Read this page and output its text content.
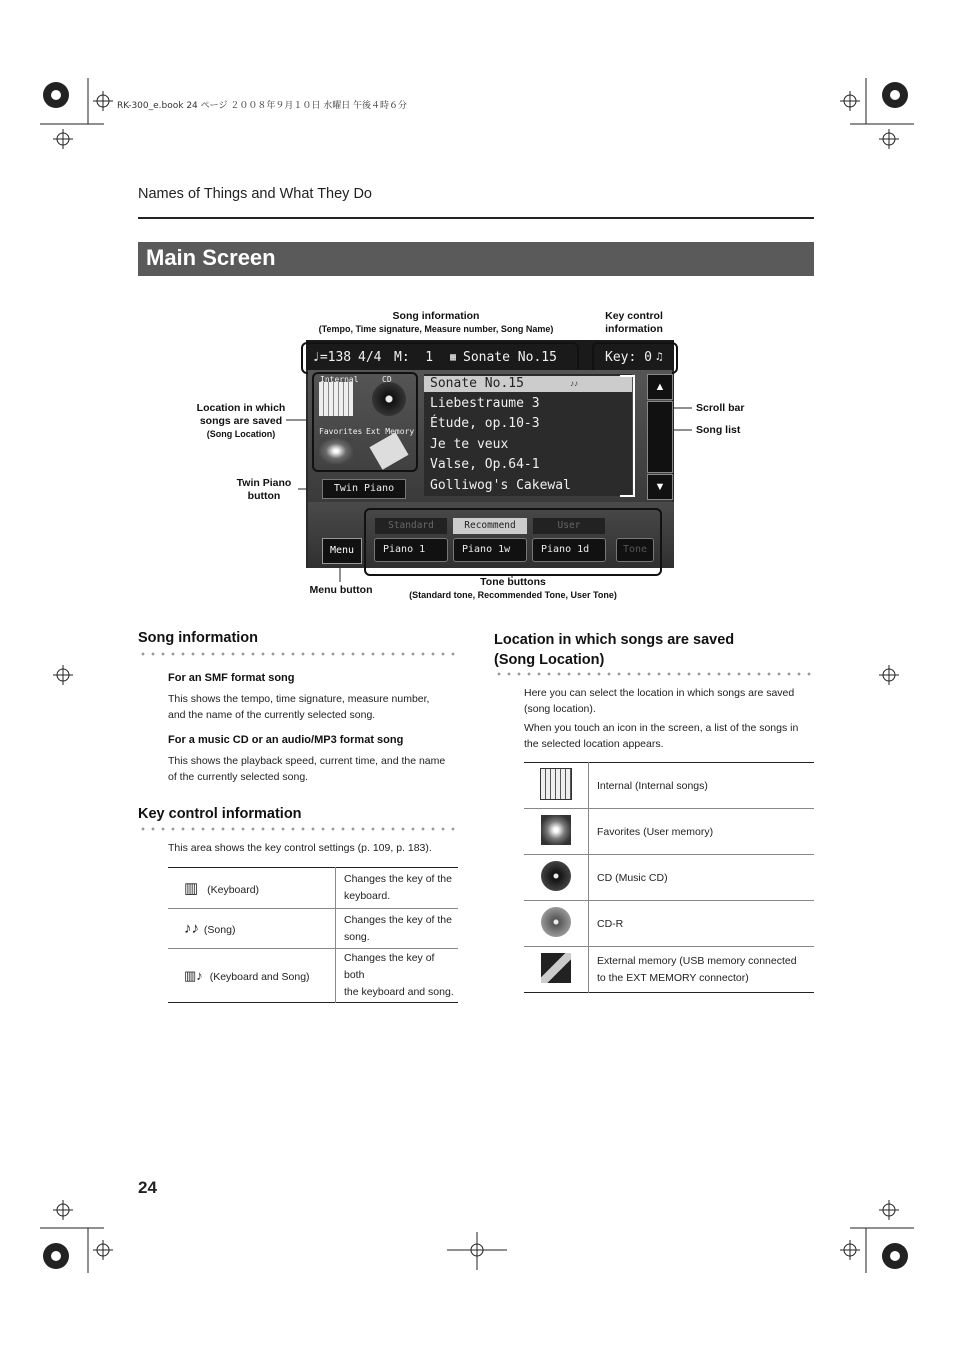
RK-300_e.book 24 ページ ２００８年９月１０日 水曜日 午後４時６分
Names of Things and What They Do
Main Screen
Song information
(Tempo, Time signature, Measure number, Song Name)
Key control
information
Location in which
songs are saved
(Song Location)
Twin Piano
button
Menu button
Scroll bar
Song list
Tone buttons
(Standard tone, Recommended Tone, User Tone)
♩=138 4/4 M:  1 ▦ Sonate No.15	Key: 0 ♫
Internal	CD
Favorites Ext Memory
Sonate No.15	♪♪
Liebestraume 3
Étude, op.10-3
Je te veux
Valse, Op.64-1
Golliwog's Cakewal
▲
▼
Twin Piano
Menu
Standard	Recommend	User
Piano 1	Piano 1w	Piano 1d	Tone
Song information
For an SMF format song
This shows the tempo, time signature, measure number,
and the name of the currently selected song.
For a music CD or an audio/MP3 format song
This shows the playback speed, current time, and the name
of the currently selected song.
Key control information
This area shows the key control settings (p. 109, p. 183).
▥ (Keyboard)	Changes the key of the
keyboard.

♪♪ (Song)	Changes the key of the
song.

▥♪ (Keyboard and Song)	Changes the key of both
the keyboard and song.
Location in which songs are saved
(Song Location)
Here you can select the location in which songs are saved
(song location).
When you touch an icon in the screen, a list of the songs in
the selected location appears.
	Internal (Internal songs)
	Favorites (User memory)
	CD (Music CD)
	CD-R

	External memory (USB memory connected
to the EXT MEMORY connector)
24
